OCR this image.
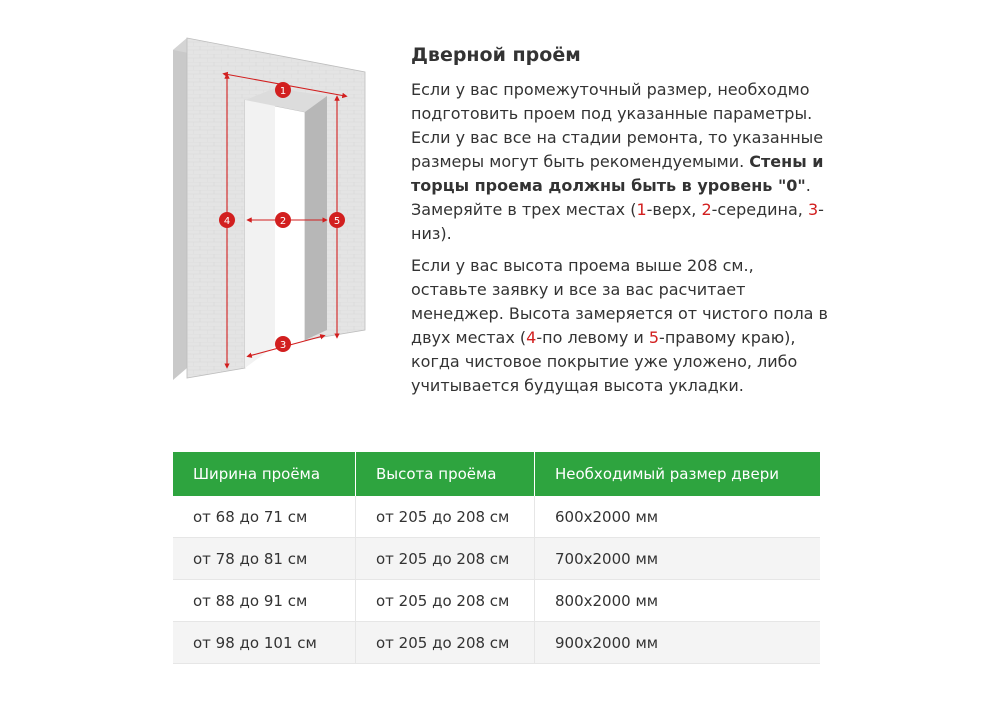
1
2
3
4	5
Дверной проём

Если у вас промежуточный размер, необходмо подготовить проем под указанные параметры. Если у вас все на стадии ремонта, то указанные размеры могут быть рекомендуемыми. Стены и торцы проема должны быть в уровень "0". Замеряйте в трех местах (1-верх, 2-середина, 3-низ).

Если у вас высота проема выше 208 см., оставьте заявку и все за вас расчитает менеджер. Высота замеряется от чистого пола в двух местах (4-по левому и 5-правому краю), когда чистовое покрытие уже уложено, либо учитывается будущая высота укладки.

Ширина проёма	Высота проёма	Необходимый размер двери
от 68 до 71 см	от 205 до 208 см	600x2000 мм
от 78 до 81 см	от 205 до 208 см	700x2000 мм
от 88 до 91 см	от 205 до 208 см	800x2000 мм
от 98 до 101 см	от 205 до 208 см	900x2000 мм
